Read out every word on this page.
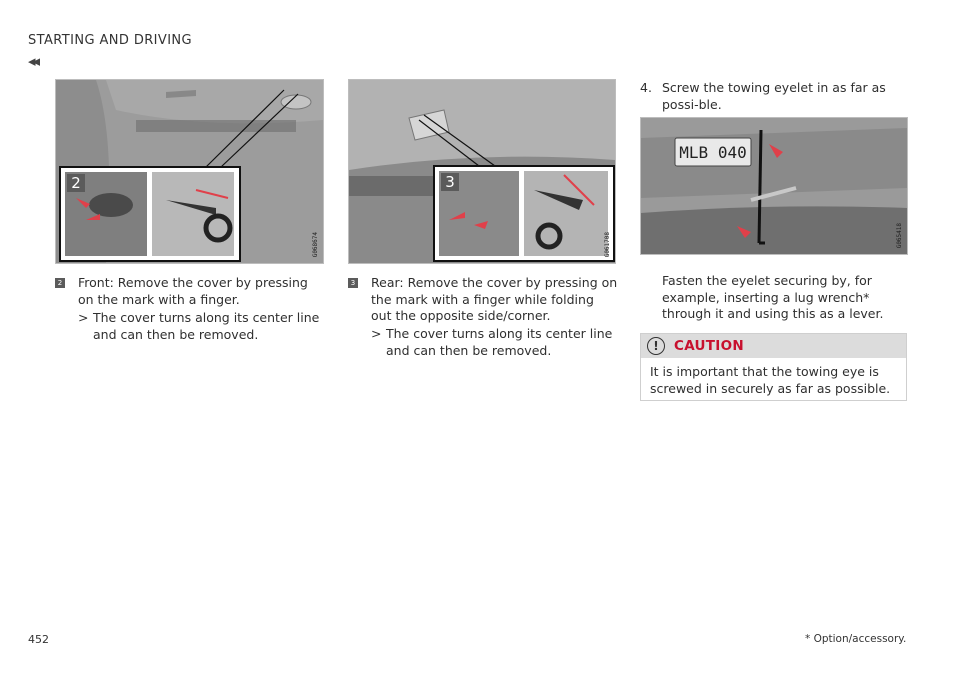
STARTING AND DRIVING
◂◂
2
G068674
3
G061708
MLB 040
G065418
2	Front: Remove the cover by pressing on the mark with a finger.
> The cover turns along its center line and can then be removed.
3	Rear: Remove the cover by pressing on the mark with a finger while folding out the opposite side/corner.
> The cover turns along its center line and can then be removed.
4. Screw the towing eyelet in as far as possi-ble.
Fasten the eyelet securing by, for example, inserting a lug wrench* through it and using this as a lever.
!	CAUTION
It is important that the towing eye is screwed in securely as far as possible.
452	* Option/accessory.
